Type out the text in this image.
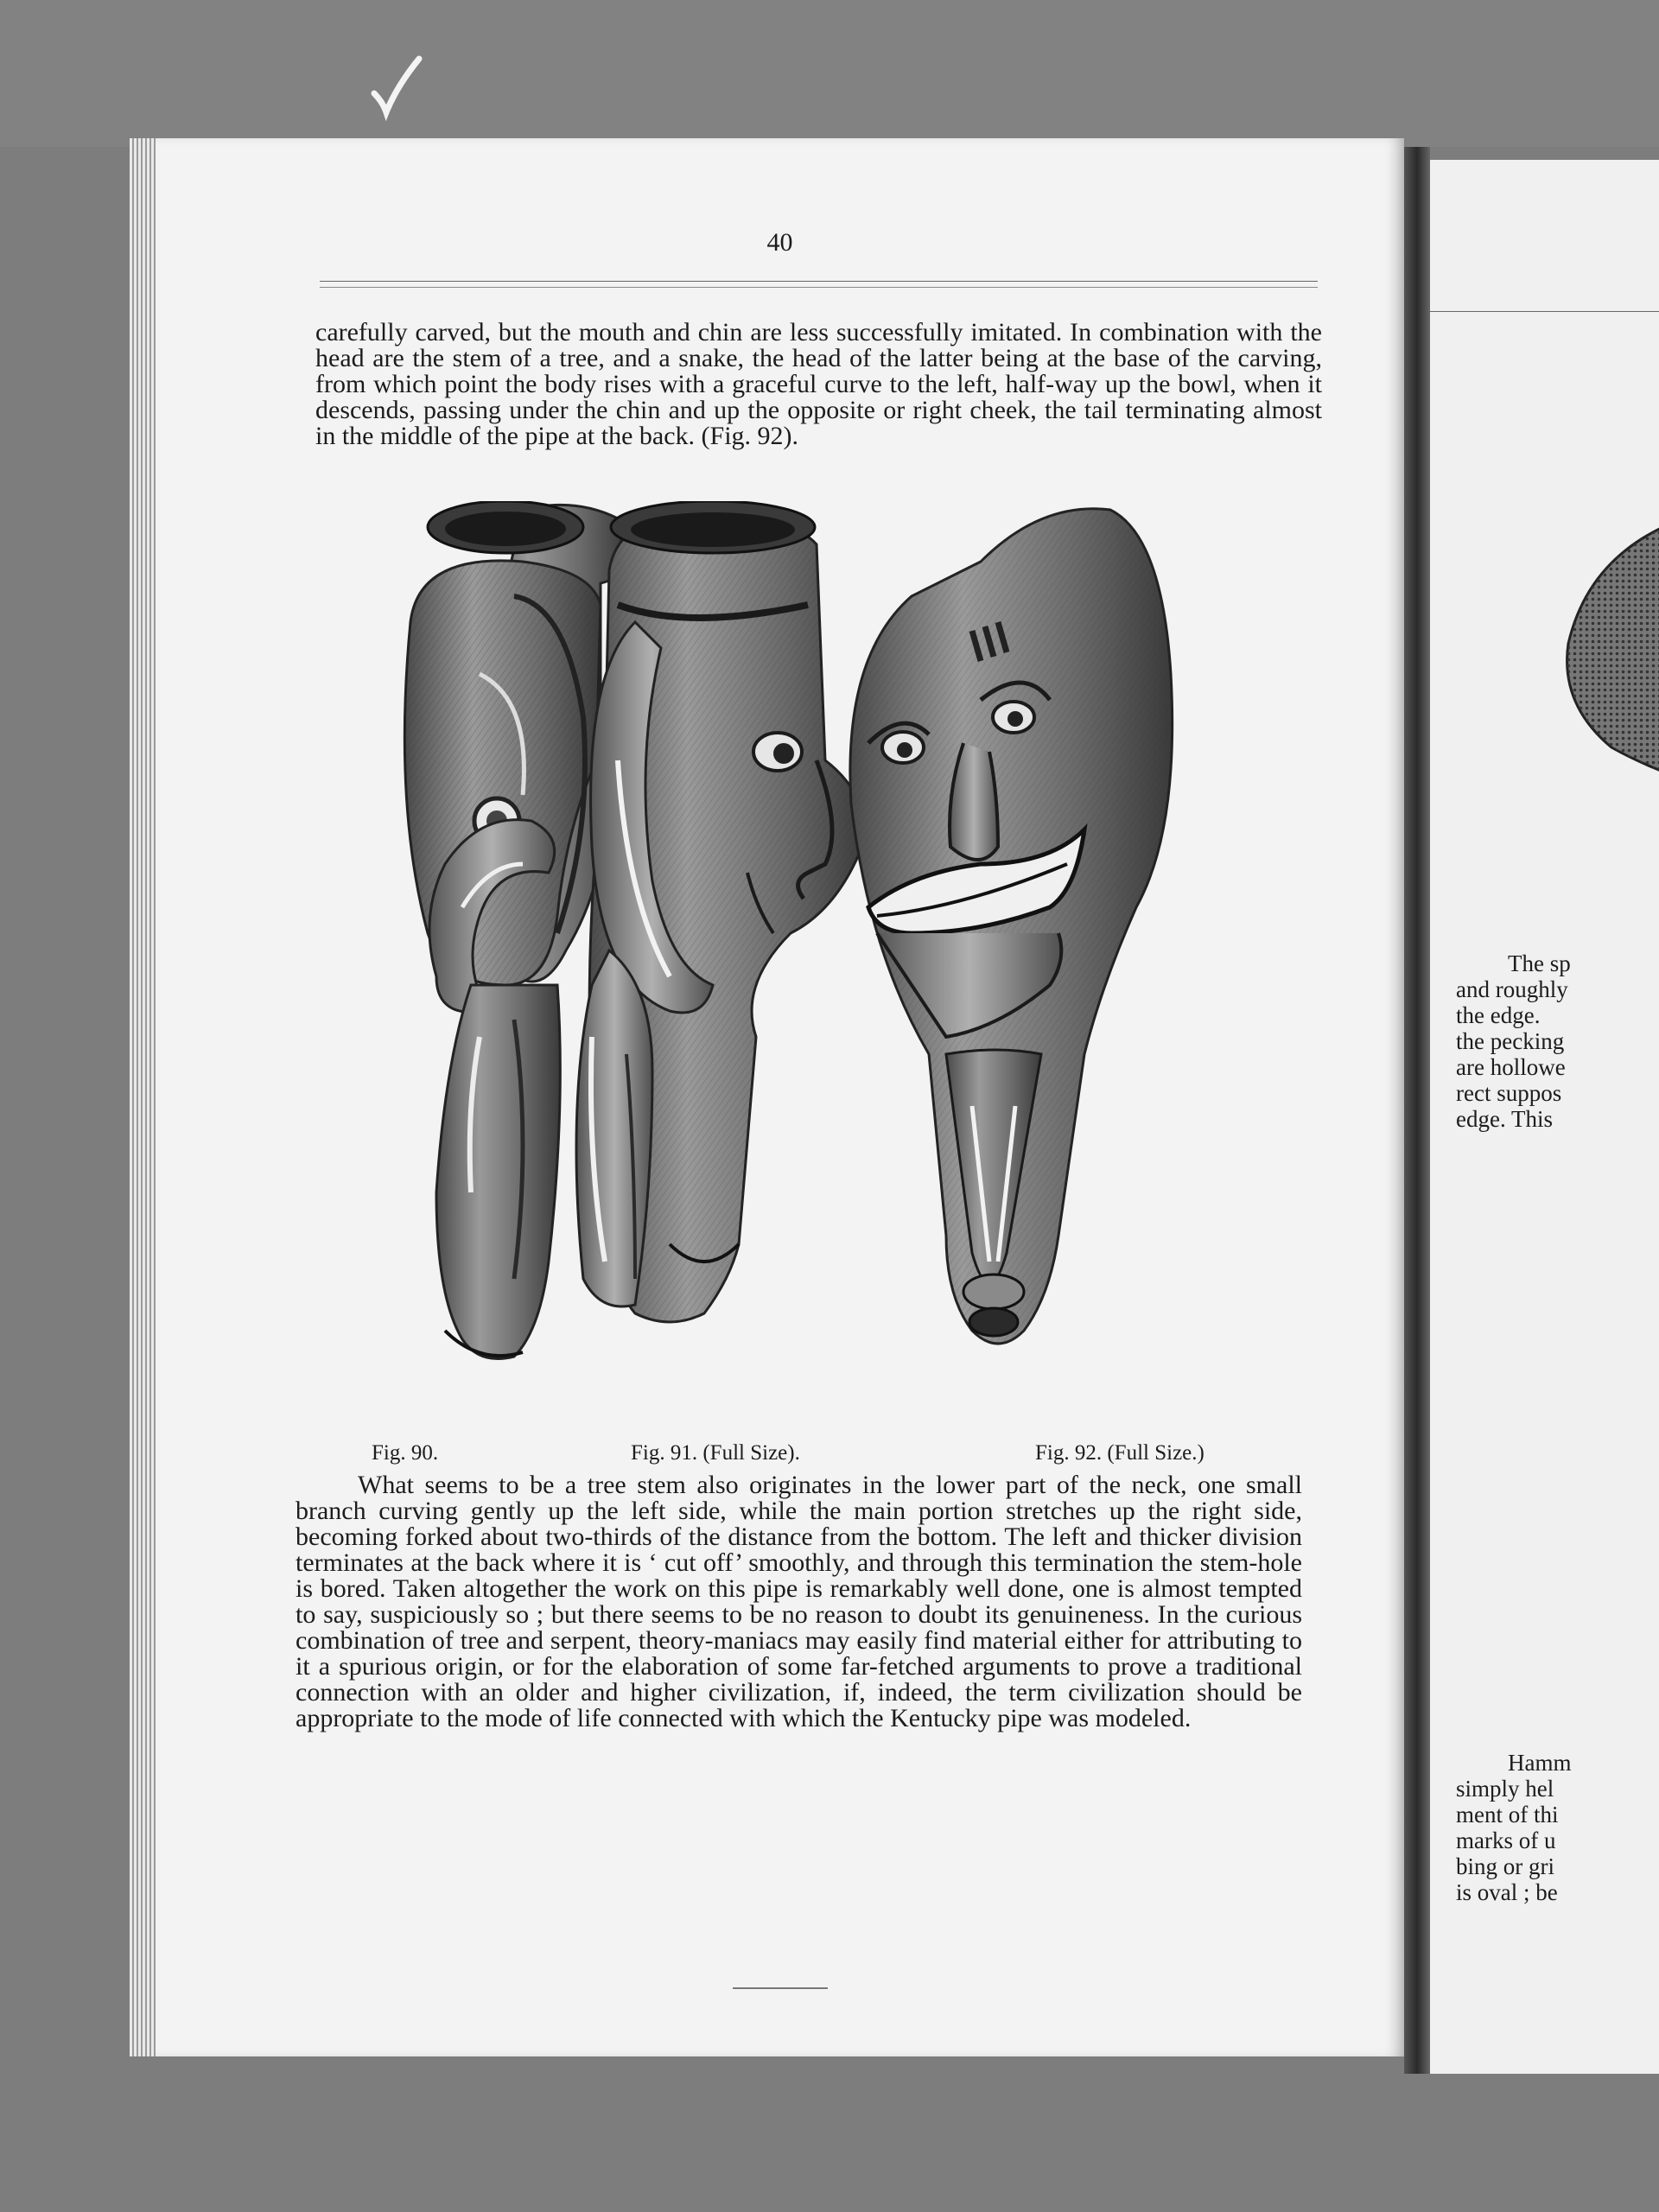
40

carefully carved, but the mouth and chin are less successfully imitated. In combination with the head are the stem of a tree, and a snake, the head of the latter being at the base of the carving, from which point the body rises with a graceful curve to the left, half-way up the bowl, when it descends, passing under the chin and up the opposite or right cheek, the tail terminating almost in the middle of the pipe at the back. (Fig. 92).

Fig. 90.	Fig. 91. (Full Size).	Fig. 92. (Full Size.)

What seems to be a tree stem also originates in the lower part of the neck, one small branch curving gently up the left side, while the main portion stretches up the right side, becoming forked about two-thirds of the distance from the bottom. The left and thicker division terminates at the back where it is ‘ cut off’ smoothly, and through this termination the stem-hole is bored. Taken altogether the work on this pipe is remarkably well done, one is almost tempted to say, suspiciously so ; but there seems to be no reason to doubt its genuineness. In the curious combination of tree and serpent, theory-maniacs may easily find material either for attributing to it a spurious origin, or for the elaboration of some far-fetched arguments to prove a traditional connection with an older and higher civilization, if, indeed, the term civilization should be appropriate to the mode of life connected with which the Kentucky pipe was modeled.

The sp
and roughly
the edge.
the pecking
are hollowe
rect suppos
edge. This
Hamm
simply hel
ment of thi
marks of u
bing or gri
is oval ; be
